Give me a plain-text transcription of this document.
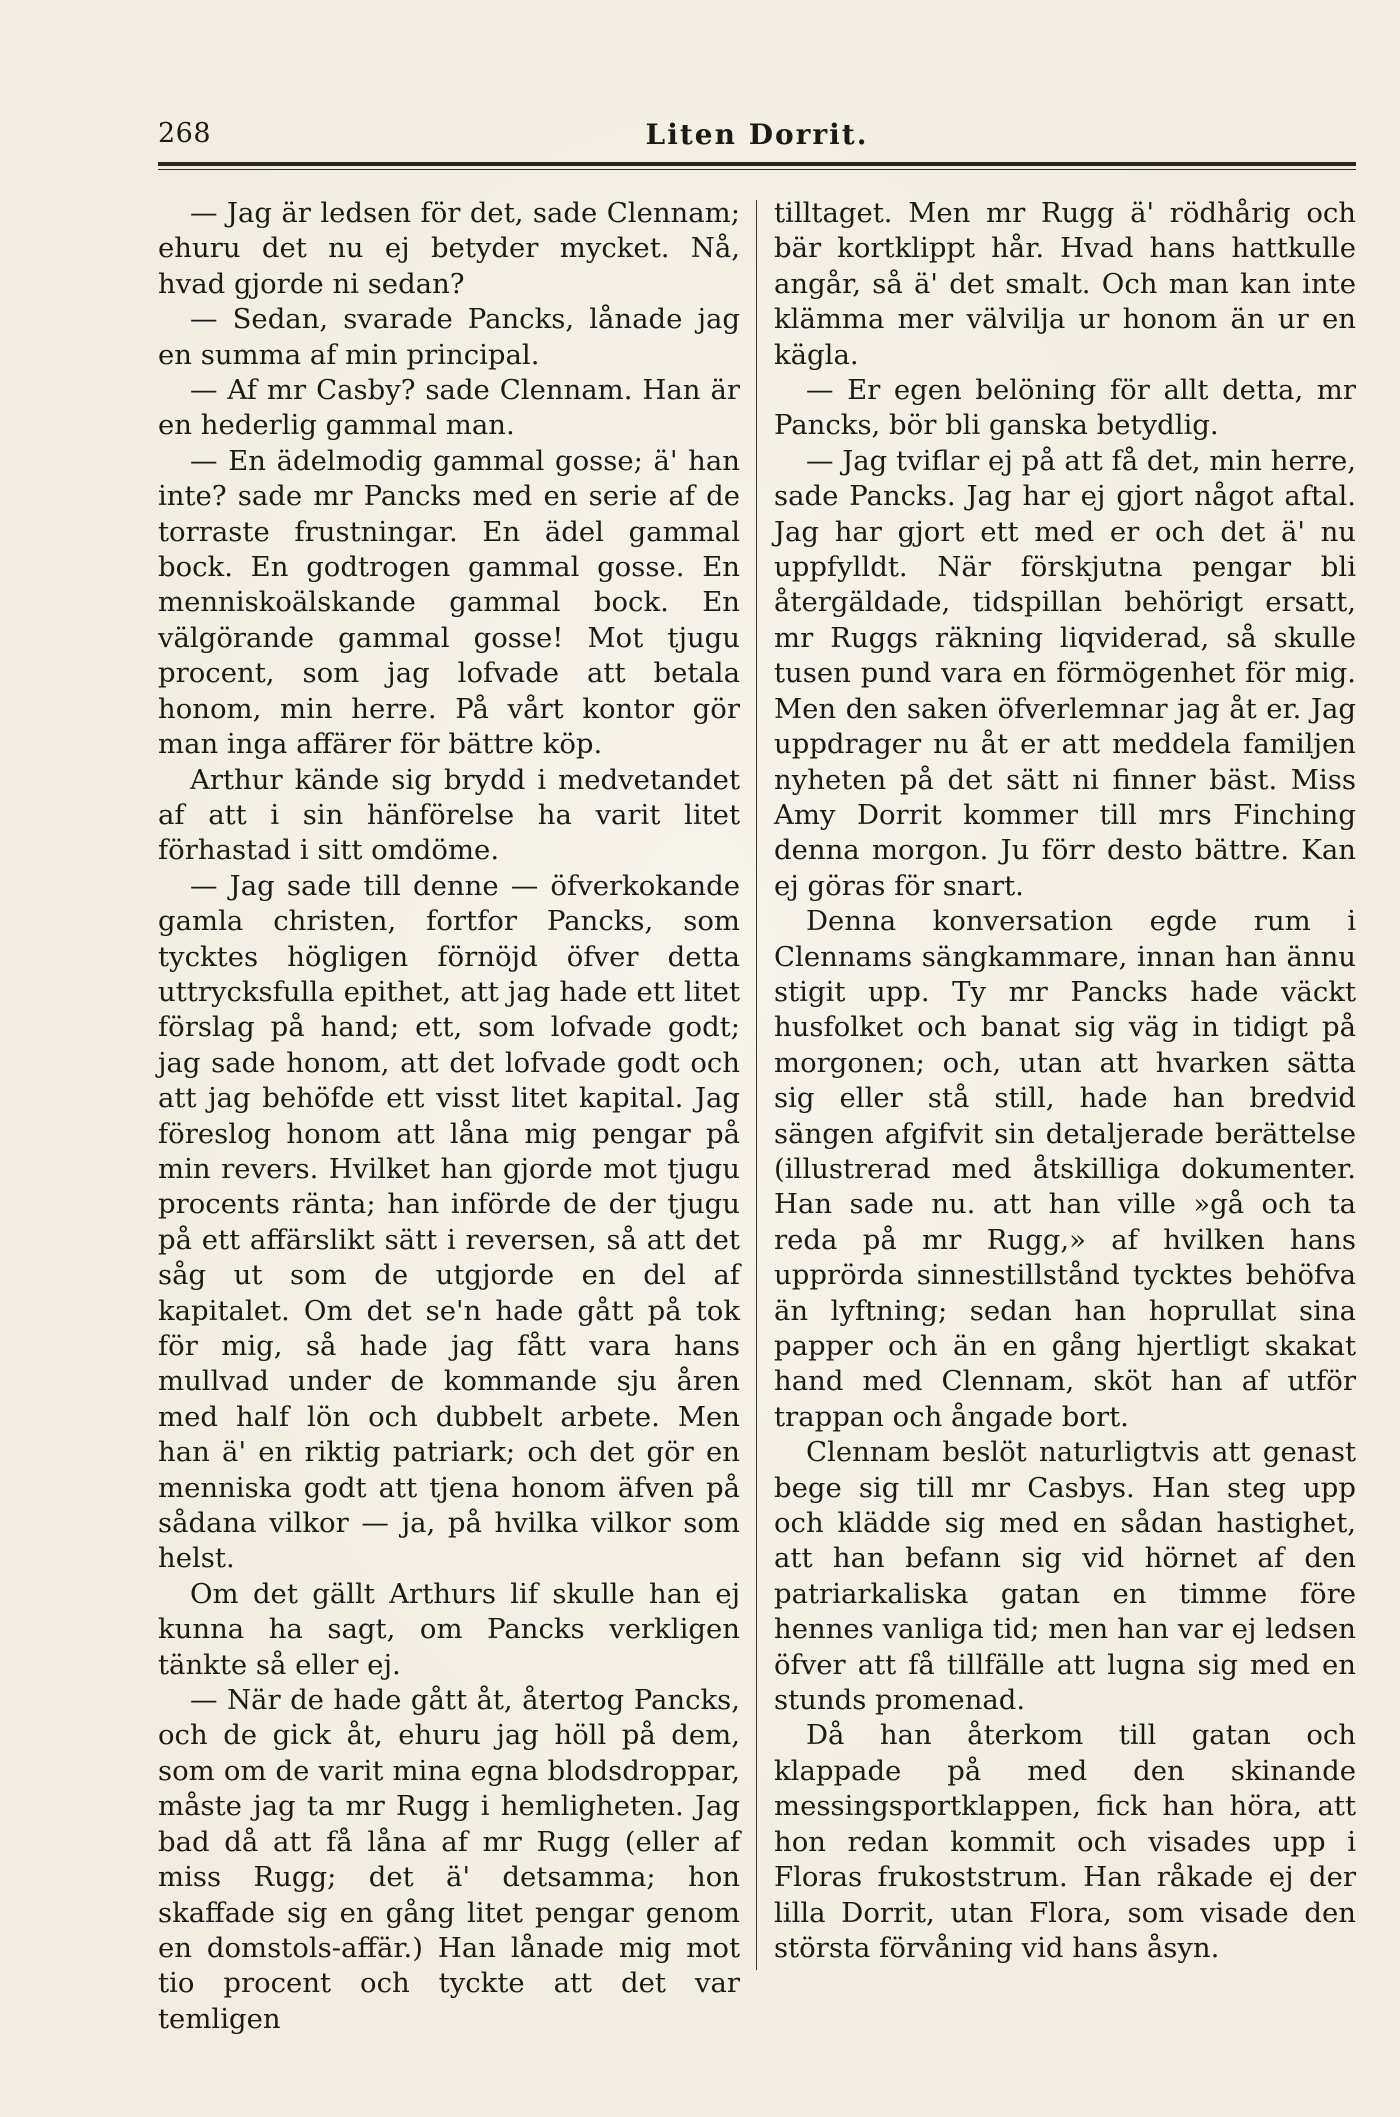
268	Liten Dorrit.

— Jag är ledsen för det, sade Clennam; ehuru det nu ej betyder mycket. Nå, hvad gjorde ni sedan?

— Sedan, svarade Pancks, lånade jag en summa af min principal.

— Af mr Casby? sade Clennam. Han är en hederlig gammal man.

— En ädelmodig gammal gosse; ä' han inte? sade mr Pancks med en serie af de torraste frustningar. En ädel gammal bock. En godtrogen gammal gosse. En menniskoälskande gammal bock. En välgörande gammal gosse! Mot tjugu procent, som jag lofvade att betala honom, min herre. På vårt kontor gör man inga affärer för bättre köp.

Arthur kände sig brydd i medvetandet af att i sin hänförelse ha varit litet förhastad i sitt omdöme.

— Jag sade till denne — öfverkokande gamla christen, fortfor Pancks, som tycktes högligen förnöjd öfver detta uttrycksfulla epithet, att jag hade ett litet förslag på hand; ett, som lofvade godt; jag sade honom, att det lofvade godt och att jag behöfde ett visst litet kapital. Jag föreslog honom att låna mig pengar på min revers. Hvilket han gjorde mot tjugu procents ränta; han införde de der tjugu på ett affärslikt sätt i reversen, så att det såg ut som de utgjorde en del af kapitalet. Om det se'n hade gått på tok för mig, så hade jag fått vara hans mullvad under de kommande sju åren med half lön och dubbelt arbete. Men han ä' en riktig patriark; och det gör en menniska godt att tjena honom äfven på sådana vilkor — ja, på hvilka vilkor som helst.

Om det gällt Arthurs lif skulle han ej kunna ha sagt, om Pancks verkligen tänkte så eller ej.

— När de hade gått åt, återtog Pancks, och de gick åt, ehuru jag höll på dem, som om de varit mina egna blodsdroppar, måste jag ta mr Rugg i hemligheten. Jag bad då att få låna af mr Rugg (eller af miss Rugg; det ä' detsamma; hon skaffade sig en gång litet pengar genom en domstols-affär.) Han lånade mig mot tio procent och tyckte att det var temligen

tilltaget. Men mr Rugg ä' rödhårig och bär kortklippt hår. Hvad hans hattkulle angår, så ä' det smalt. Och man kan inte klämma mer välvilja ur honom än ur en kägla.

— Er egen belöning för allt detta, mr Pancks, bör bli ganska betydlig.

— Jag tviflar ej på att få det, min herre, sade Pancks. Jag har ej gjort något aftal. Jag har gjort ett med er och det ä' nu uppfylldt. När förskjutna pengar bli återgäldade, tidspillan behörigt ersatt, mr Ruggs räkning liqviderad, så skulle tusen pund vara en förmögenhet för mig. Men den saken öfverlemnar jag åt er. Jag uppdrager nu åt er att meddela familjen nyheten på det sätt ni finner bäst. Miss Amy Dorrit kommer till mrs Finching denna morgon. Ju förr desto bättre. Kan ej göras för snart.

Denna konversation egde rum i Clennams sängkammare, innan han ännu stigit upp. Ty mr Pancks hade väckt husfolket och banat sig väg in tidigt på morgonen; och, utan att hvarken sätta sig eller stå still, hade han bredvid sängen afgifvit sin detaljerade berättelse (illustrerad med åtskilliga dokumenter. Han sade nu. att han ville »gå och ta reda på mr Rugg,» af hvilken hans upprörda sinnestillstånd tycktes behöfva än lyftning; sedan han hoprullat sina papper och än en gång hjertligt skakat hand med Clennam, sköt han af utför trappan och ångade bort.

Clennam beslöt naturligtvis att genast bege sig till mr Casbys. Han steg upp och klädde sig med en sådan hastighet, att han befann sig vid hörnet af den patriarkaliska gatan en timme före hennes vanliga tid; men han var ej ledsen öfver att få tillfälle att lugna sig med en stunds promenad.

Då han återkom till gatan och klappade på med den skinande messingsportklappen, fick han höra, att hon redan kommit och visades upp i Floras frukoststrum. Han råkade ej der lilla Dorrit, utan Flora, som visade den största förvåning vid hans åsyn.
